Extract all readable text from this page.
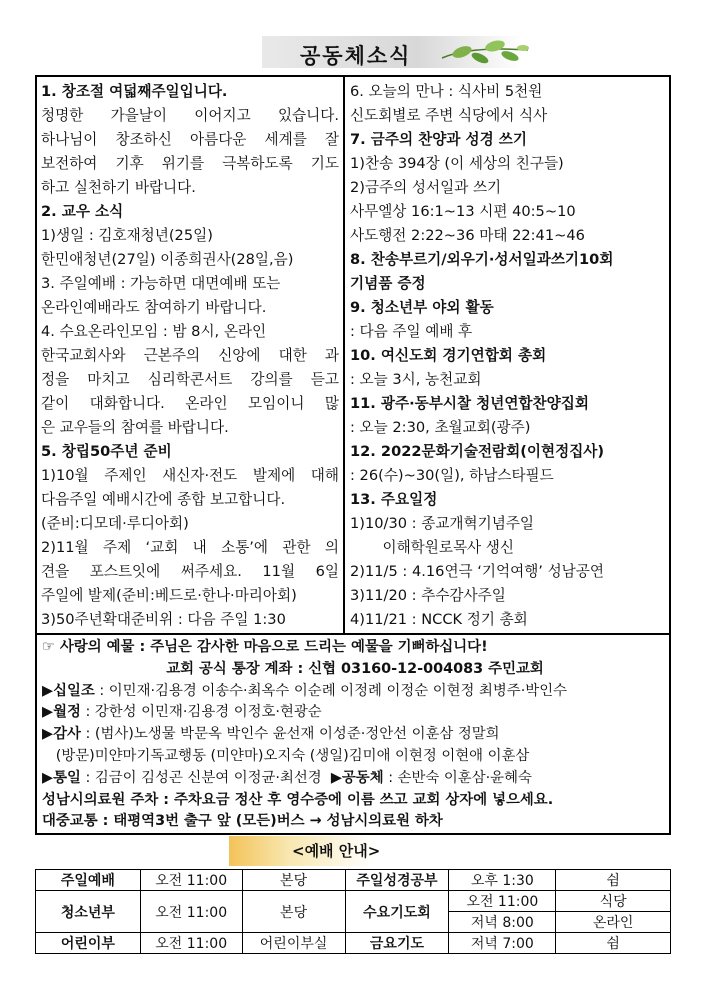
공동체소식
1. 창조절 여덟째주일입니다.
청명한 가을날이 이어지고 있습니다.
하나님이 창조하신 아름다운 세계를 잘
보전하여 기후 위기를 극복하도록 기도
하고 실천하기 바랍니다.
2. 교우 소식
1)생일 : 김호재청년(25일)
한민애청년(27일) 이종희권사(28일,음)
3. 주일예배 : 가능하면 대면예배 또는
온라인예배라도 참여하기 바랍니다.
4. 수요온라인모임 : 밤 8시, 온라인
한국교회사와 근본주의 신앙에 대한 과
정을 마치고 심리학콘서트 강의를 듣고
같이 대화합니다. 온라인 모임이니 많
은 교우들의 참여를 바랍니다.
5. 창립50주년 준비
1)10월 주제인 새신자·전도 발제에 대해
다음주일 예배시간에 종합 보고합니다.
(준비:디모데·루디아회)
2)11월 주제 ‘교회 내 소통’에 관한 의
견을 포스트잇에 써주세요. 11월 6일
주일에 발제(준비:베드로·한나·마리아회)
3)50주년확대준비위 : 다음 주일 1:30
6. 오늘의 만나 : 식사비 5천원
신도회별로 주변 식당에서 식사
7. 금주의 찬양과 성경 쓰기
1)찬송 394장 (이 세상의 친구들)
2)금주의 성서일과 쓰기
사무엘상 16:1~13 시편 40:5~10
사도행전 2:22~36 마태 22:41~46
8. 찬송부르기/외우기·성서일과쓰기10회
기념품 증정
9. 청소년부 야외 활동
: 다음 주일 예배 후
10. 여신도회 경기연합회 총회
: 오늘 3시, 농천교회
11. 광주·동부시찰 청년연합찬양집회
: 오늘 2:30, 초월교회(광주)
12. 2022문화기술전람회(이현정집사)
: 26(수)~30(일), 하남스타필드
13. 주요일정
1)10/30 : 종교개혁기념주일
이해학원로목사 생신
2)11/5 : 4.16연극 ‘기억여행’ 성남공연
3)11/20 : 추수감사주일
4)11/21 : NCCK 정기 총회
☞ 사랑의 예물 : 주님은 감사한 마음으로 드리는 예물을 기뻐하십니다!
교회 공식 통장 계좌 : 신협 03160-12-004083 주민교회
▶십일조 : 이민재·김용경 이송수·최옥수 이순례 이정례 이정순 이현정 최병주·박인수
▶월정 : 강한성 이민재·김용경 이정호·현광순
▶감사 : (범사)노생물 박문옥 박인수 윤선재 이성준·정안선 이훈삼 정말희
(방문)미얀마기독교행동 (미얀마)오지숙 (생일)김미애 이현정 이현애 이훈삼
▶통일 : 김금이 김성곤 신분여 이정균·최선경  ▶공동체 : 손반숙 이훈삼·윤혜숙
성남시의료원 주차 : 주차요금 정산 후 영수증에 이름 쓰고 교회 상자에 넣으세요.
대중교통 : 태평역3번 출구 앞 (모든)버스 → 성남시의료원 하차
<예배 안내>
주일예배	오전 11:00	본당	주일성경공부	오후 1:30	쉼
청소년부	오전 11:00	본당	수요기도회	오전 11:00	식당
				저녁 8:00	온라인
어린이부	오전 11:00	어린이부실	금요기도	저녁 7:00	쉼
